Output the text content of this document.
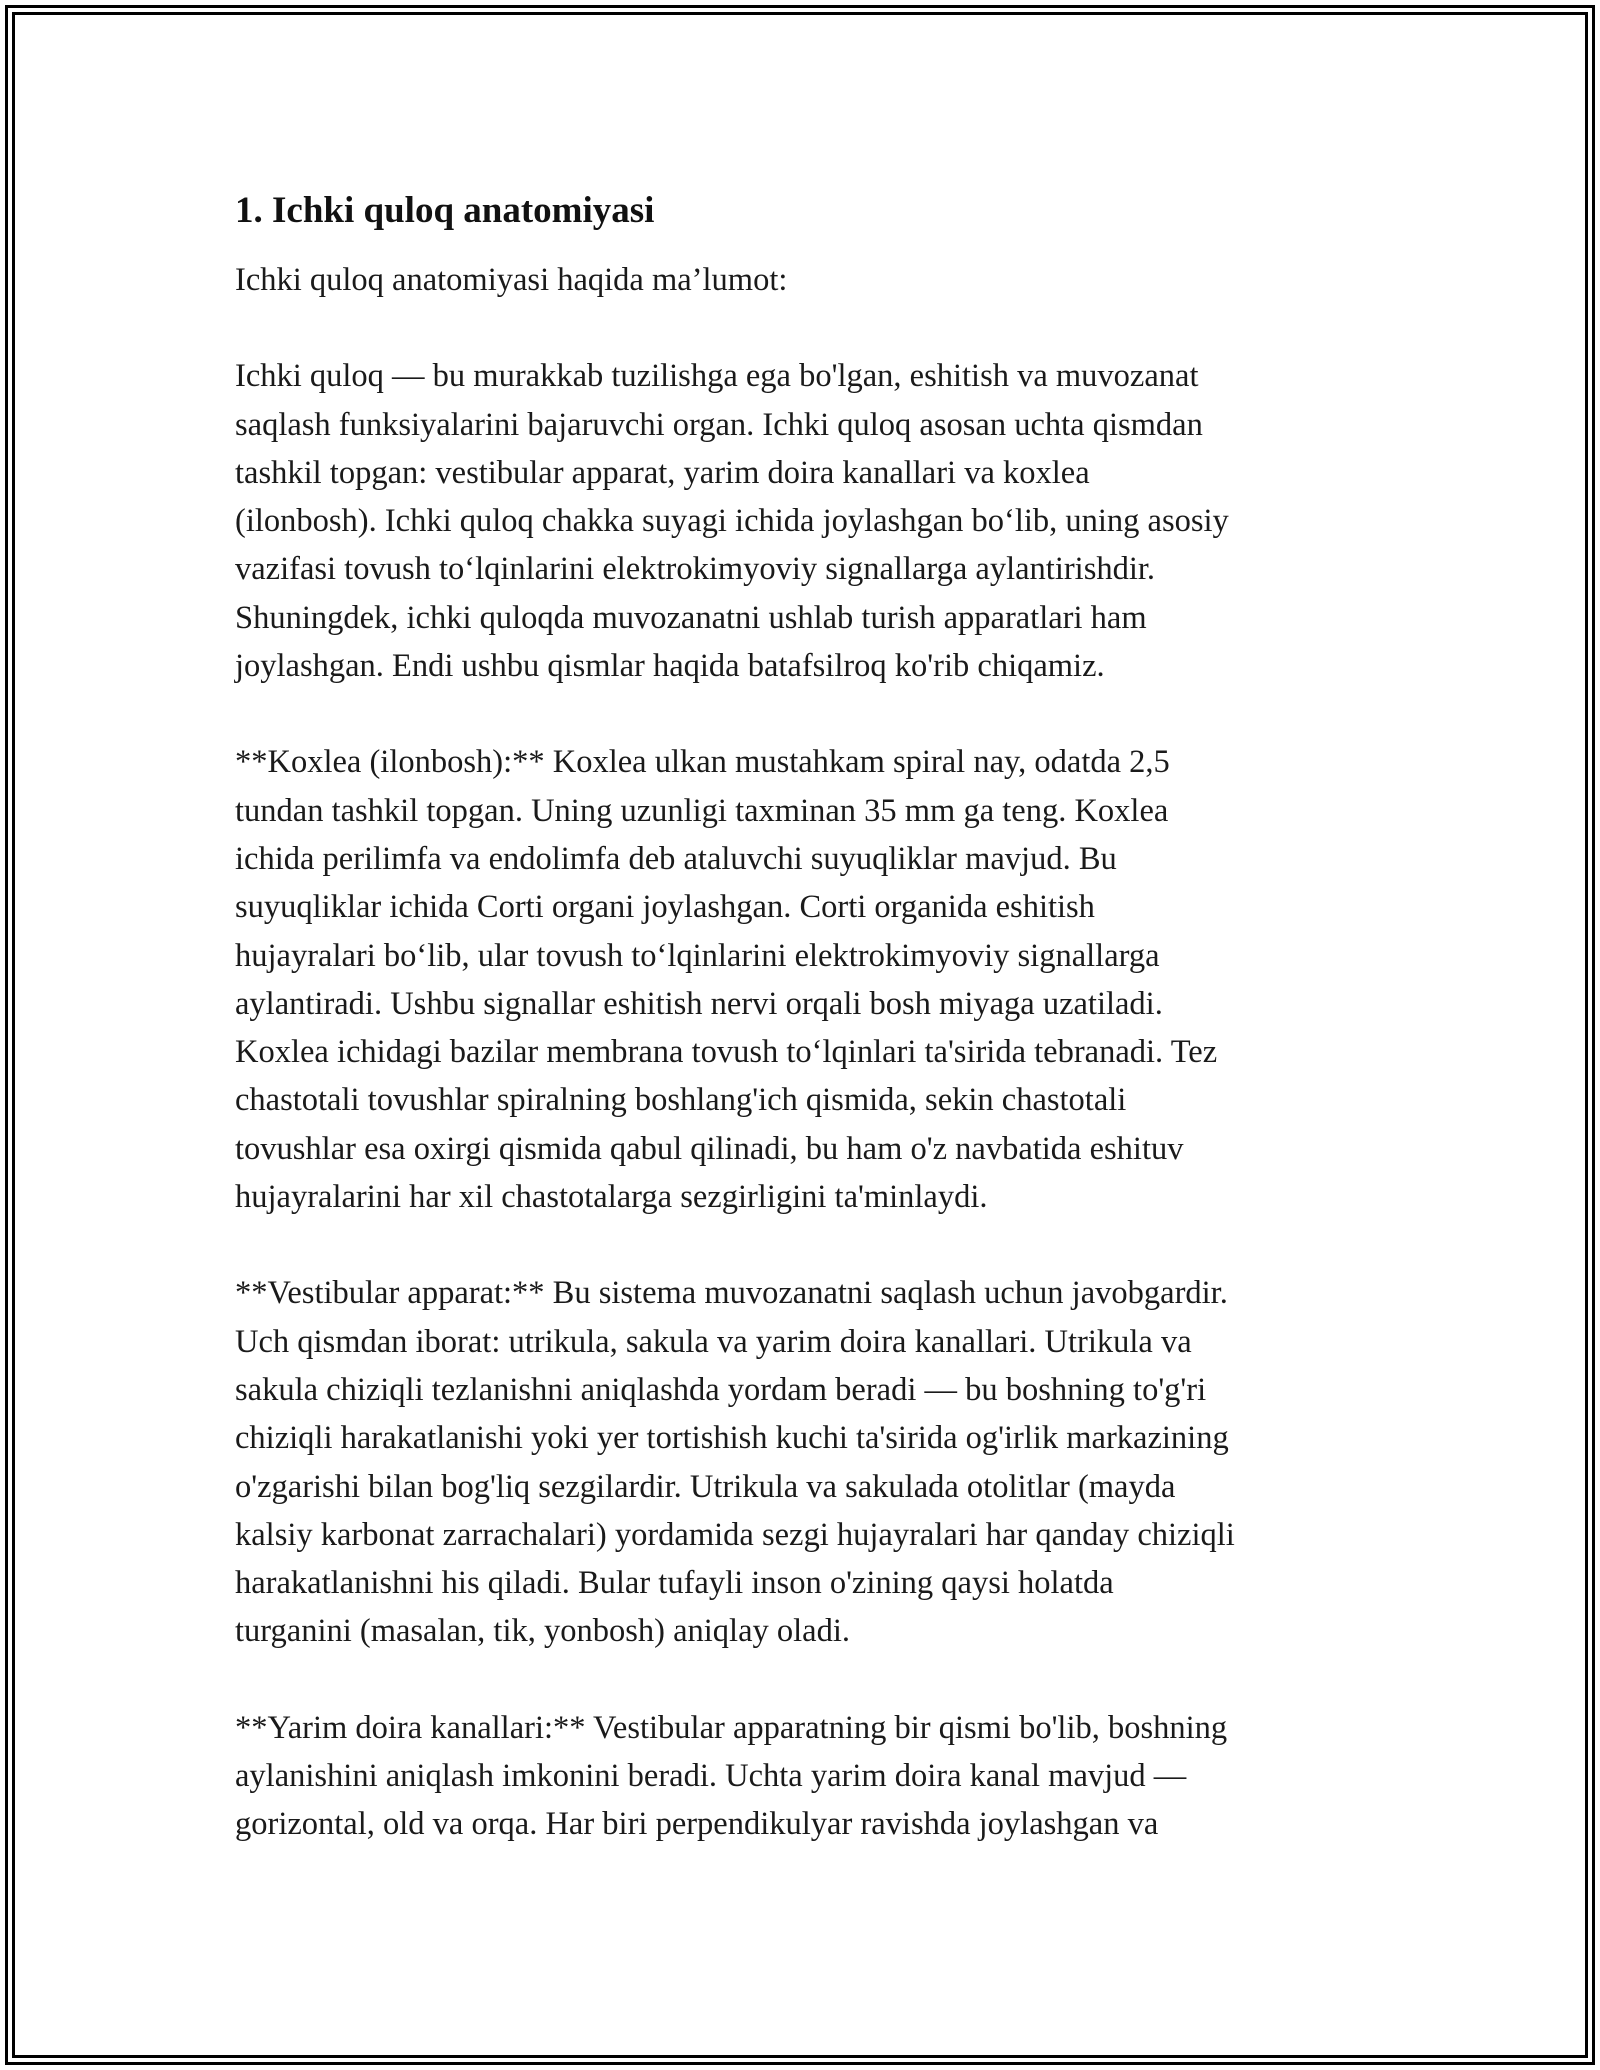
1. Ichki quloq anatomiyasi
Ichki quloq anatomiyasi haqida ma’lumot:
Ichki quloq — bu murakkab tuzilishga ega bo'lgan, eshitish va muvozanat
saqlash funksiyalarini bajaruvchi organ. Ichki quloq asosan uchta qismdan
tashkil topgan: vestibular apparat, yarim doira kanallari va koxlea
(ilonbosh). Ichki quloq chakka suyagi ichida joylashgan bo‘lib, uning asosiy
vazifasi tovush to‘lqinlarini elektrokimyoviy signallarga aylantirishdir.
Shuningdek, ichki quloqda muvozanatni ushlab turish apparatlari ham
joylashgan. Endi ushbu qismlar haqida batafsilroq ko'rib chiqamiz.
**Koxlea (ilonbosh):** Koxlea ulkan mustahkam spiral nay, odatda 2,5
tundan tashkil topgan. Uning uzunligi taxminan 35 mm ga teng. Koxlea
ichida perilimfa va endolimfa deb ataluvchi suyuqliklar mavjud. Bu
suyuqliklar ichida Corti organi joylashgan. Corti organida eshitish
hujayralari bo‘lib, ular tovush to‘lqinlarini elektrokimyoviy signallarga
aylantiradi. Ushbu signallar eshitish nervi orqali bosh miyaga uzatiladi.
Koxlea ichidagi bazilar membrana tovush to‘lqinlari ta'sirida tebranadi. Tez
chastotali tovushlar spiralning boshlang'ich qismida, sekin chastotali
tovushlar esa oxirgi qismida qabul qilinadi, bu ham o'z navbatida eshituv
hujayralarini har xil chastotalarga sezgirligini ta'minlaydi.
**Vestibular apparat:** Bu sistema muvozanatni saqlash uchun javobgardir.
Uch qismdan iborat: utrikula, sakula va yarim doira kanallari. Utrikula va
sakula chiziqli tezlanishni aniqlashda yordam beradi — bu boshning to'g'ri
chiziqli harakatlanishi yoki yer tortishish kuchi ta'sirida og'irlik markazining
o'zgarishi bilan bog'liq sezgilardir. Utrikula va sakulada otolitlar (mayda
kalsiy karbonat zarrachalari) yordamida sezgi hujayralari har qanday chiziqli
harakatlanishni his qiladi. Bular tufayli inson o'zining qaysi holatda
turganini (masalan, tik, yonbosh) aniqlay oladi.
**Yarim doira kanallari:** Vestibular apparatning bir qismi bo'lib, boshning
aylanishini aniqlash imkonini beradi. Uchta yarim doira kanal mavjud —
gorizontal, old va orqa. Har biri perpendikulyar ravishda joylashgan va
